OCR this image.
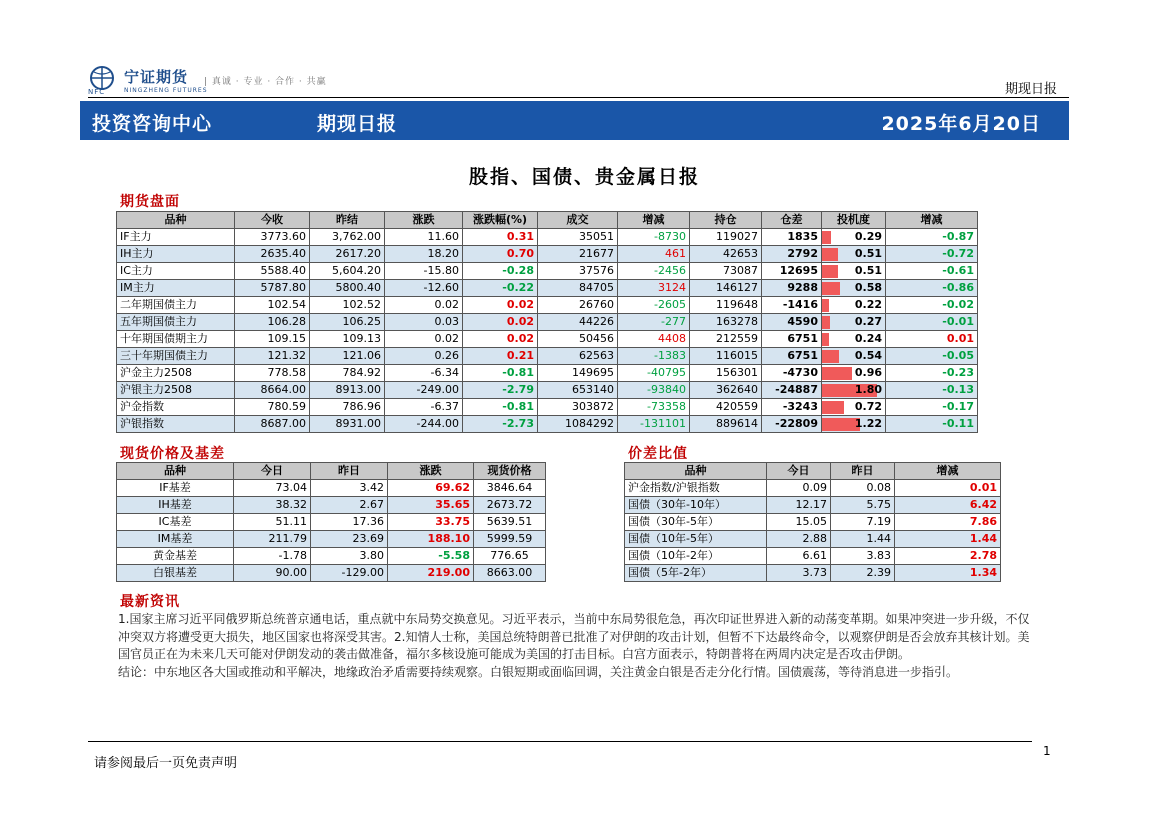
宁证期货
NFC	NINGZHENG FUTURES
| 真诚 · 专业 · 合作 · 共赢	期现日报
投资咨询中心	期现日报	2025年6月20日
股指、国债、贵金属日报
期货盘面
品种	今收	昨结	涨跌	涨跌幅(%)	成交	增减	持仓	仓差	投机度	增减
IF主力	3773.60	3,762.00	11.60	0.31	35051	-8730	119027	1835	0.29	-0.87
IH主力	2635.40	2617.20	18.20	0.70	21677	461	42653	2792	0.51	-0.72
IC主力	5588.40	5,604.20	-15.80	-0.28	37576	-2456	73087	12695	0.51	-0.61
IM主力	5787.80	5800.40	-12.60	-0.22	84705	3124	146127	9288	0.58	-0.86
二年期国债主力	102.54	102.52	0.02	0.02	26760	-2605	119648	-1416	0.22	-0.02
五年期国债主力	106.28	106.25	0.03	0.02	44226	-277	163278	4590	0.27	-0.01
十年期国债期主力	109.15	109.13	0.02	0.02	50456	4408	212559	6751	0.24	0.01
三十年期国债主力	121.32	121.06	0.26	0.21	62563	-1383	116015	6751	0.54	-0.05
沪金主力2508	778.58	784.92	-6.34	-0.81	149695	-40795	156301	-4730	0.96	-0.23
沪银主力2508	8664.00	8913.00	-249.00	-2.79	653140	-93840	362640	-24887	1.80	-0.13
沪金指数	780.59	786.96	-6.37	-0.81	303872	-73358	420559	-3243	0.72	-0.17
沪银指数	8687.00	8931.00	-244.00	-2.73	1084292	-131101	889614	-22809	1.22	-0.11
现货价格及基差
品种	今日	昨日	涨跌	现货价格
IF基差	73.04	3.42	69.62	3846.64
IH基差	38.32	2.67	35.65	2673.72
IC基差	51.11	17.36	33.75	5639.51
IM基差	211.79	23.69	188.10	5999.59
黄金基差	-1.78	3.80	-5.58	776.65
白银基差	90.00	-129.00	219.00	8663.00
价差比值
品种	今日	昨日	增减
沪金指数/沪银指数	0.09	0.08	0.01
国债（30年-10年）	12.17	5.75	6.42
国债（30年-5年）	15.05	7.19	7.86
国债（10年-5年）	2.88	1.44	1.44
国债（10年-2年）	6.61	3.83	2.78
国债（5年-2年）	3.73	2.39	1.34
最新资讯

1.国家主席习近平同俄罗斯总统普京通电话，重点就中东局势交换意见。习近平表示，当前中东局势很危急，再次印证世界进入新的动荡变革期。如果冲突进一步升级，不仅冲突双方将遭受更大损失，地区国家也将深受其害。2.知情人士称，美国总统特朗普已批准了对伊朗的攻击计划，但暂不下达最终命令，以观察伊朗是否会放弃其核计划。美国官员正在为未来几天可能对伊朗发动的袭击做准备，福尔多核设施可能成为美国的打击目标。白宫方面表示，特朗普将在两周内决定是否攻击伊朗。

结论：中东地区各大国或推动和平解决，地缘政治矛盾需要持续观察。白银短期或面临回调，关注黄金白银是否走分化行情。国债震荡，等待消息进一步指引。

1
请参阅最后一页免责声明
